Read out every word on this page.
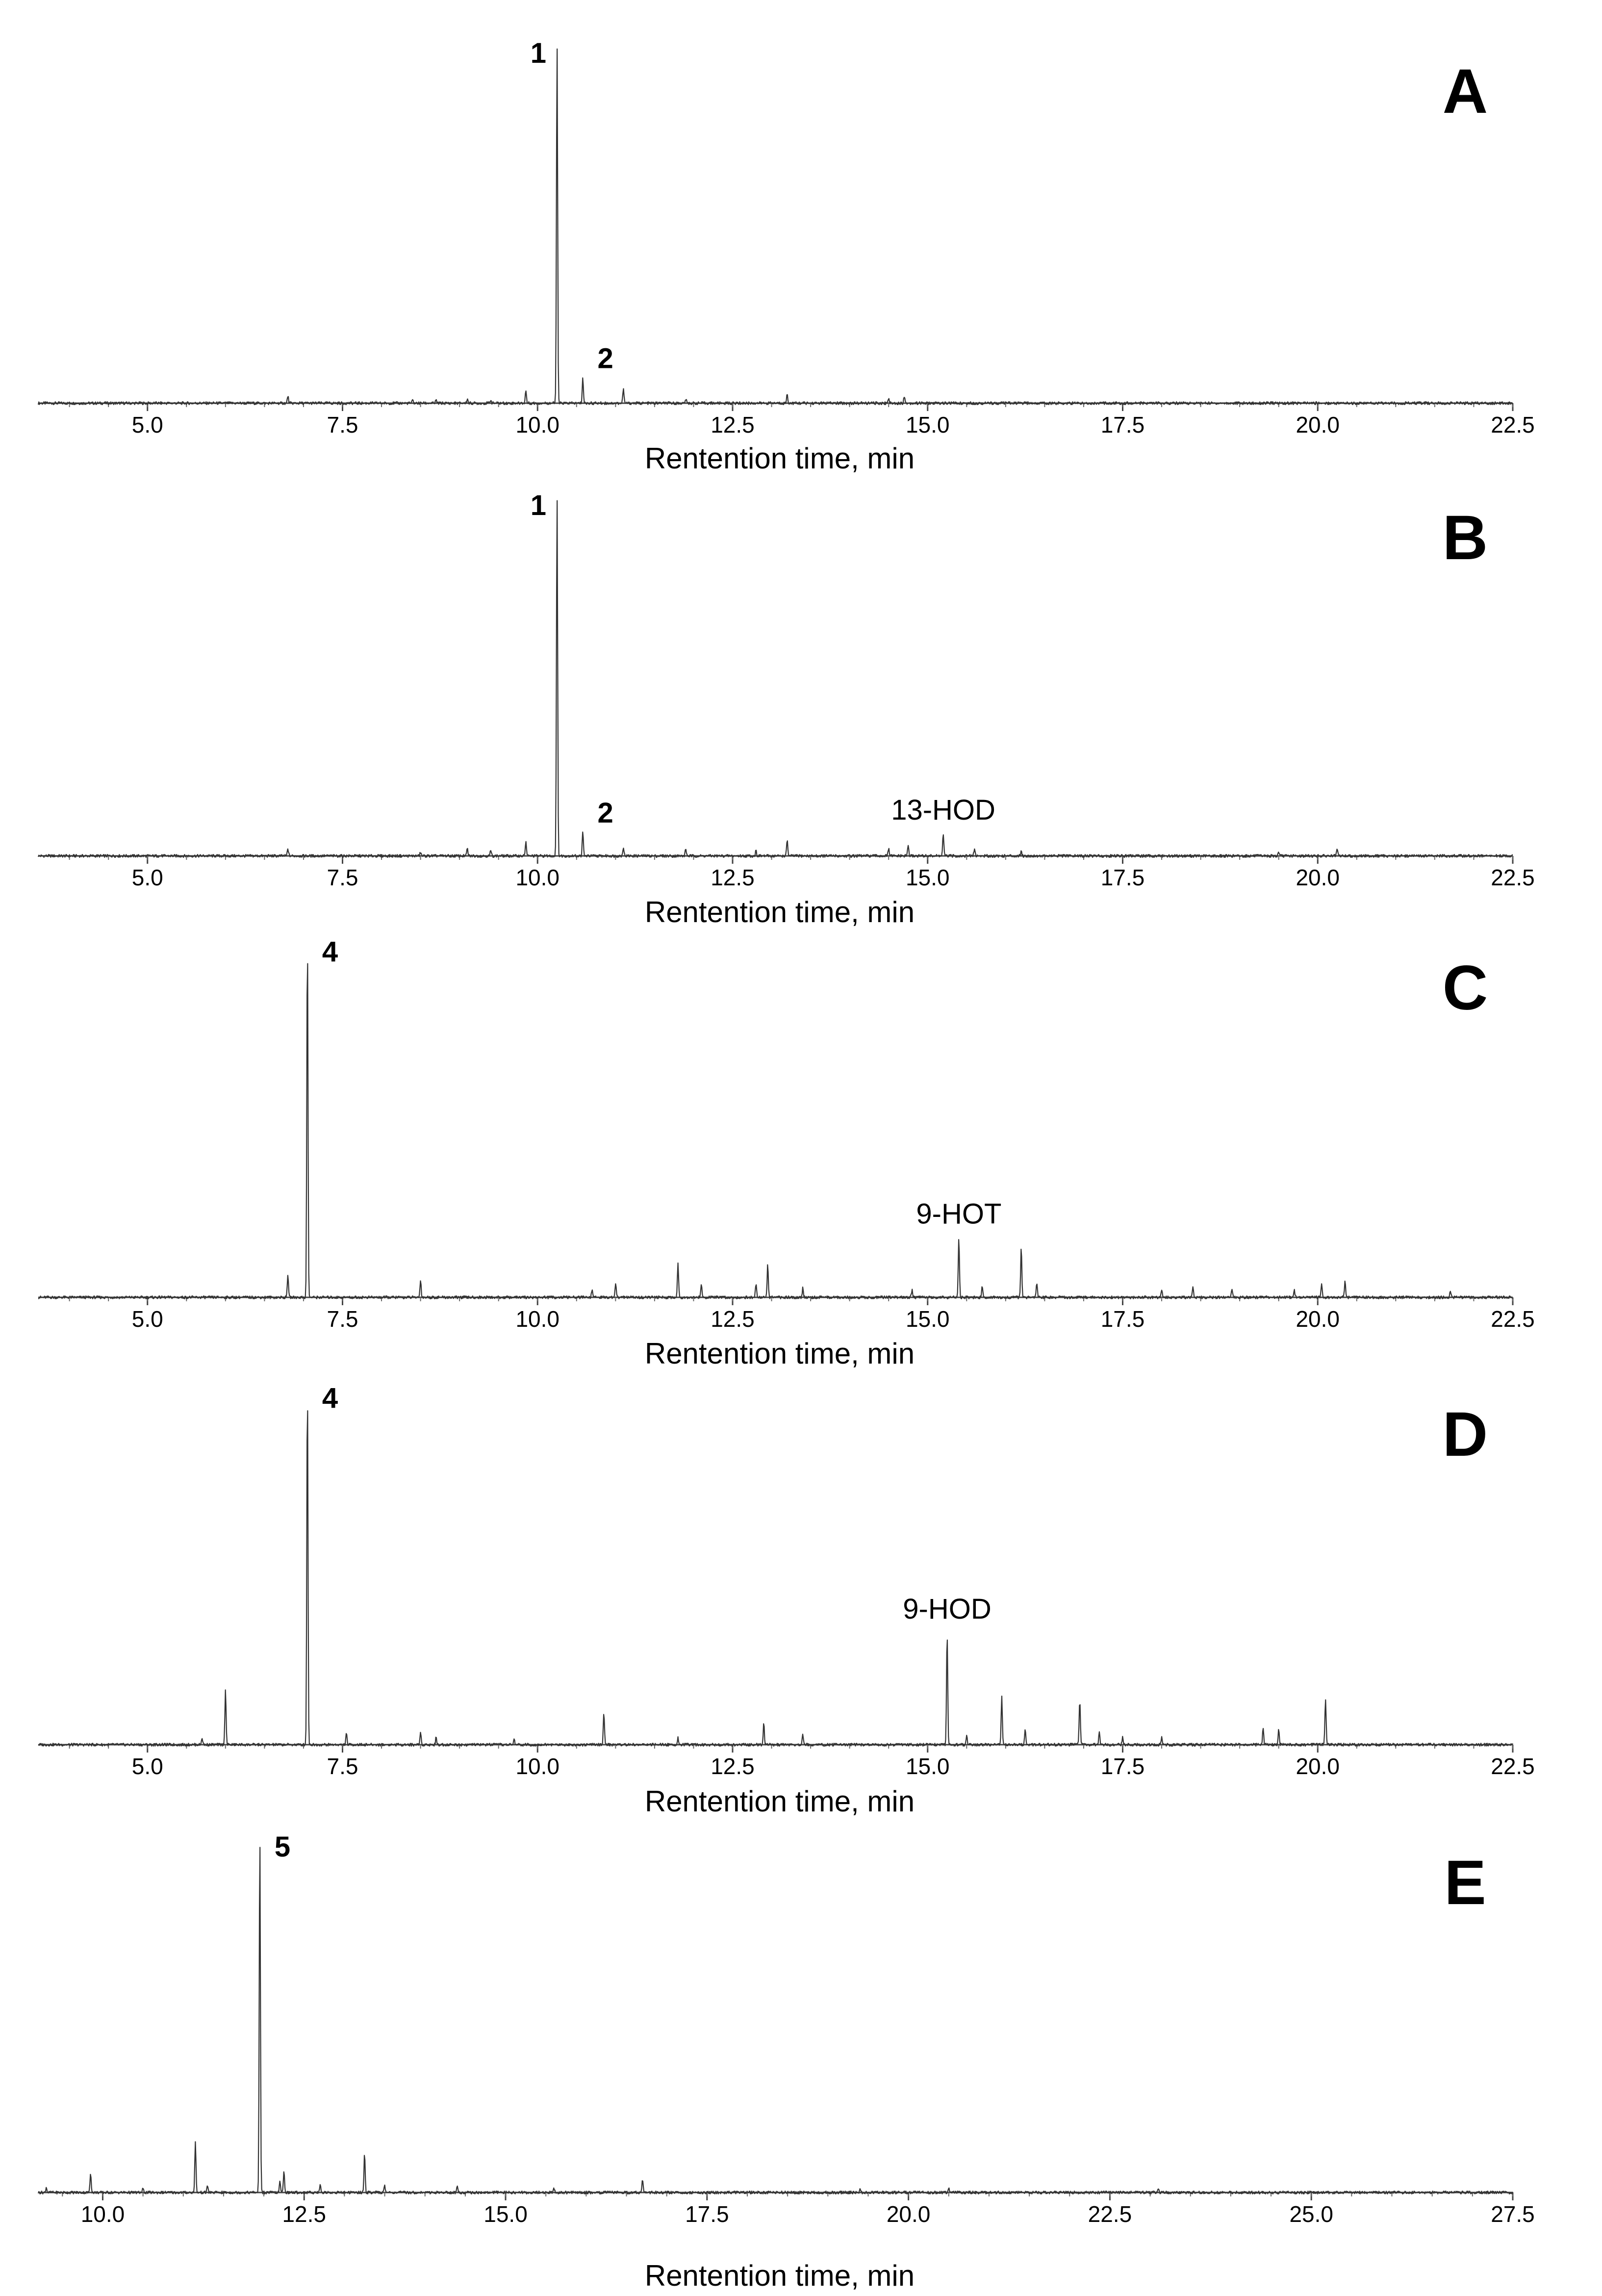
A
5.0	7.5	10.0	12.5	15.0	17.5	20.0	22.5
1
2
Rentention time, min
B
5.0	7.5	10.0	12.5	15.0	17.5	20.0	22.5
1
2	13-HOD
Rentention time, min
C
5.0	7.5	10.0	12.5	15.0	17.5	20.0	22.5
4
9-HOT
Rentention time, min
D
5.0	7.5	10.0	12.5	15.0	17.5	20.0	22.5
4
9-HOD
Rentention time, min
E
10.0	12.5	15.0	17.5	20.0	22.5	25.0	27.5
5
Rentention time, min
